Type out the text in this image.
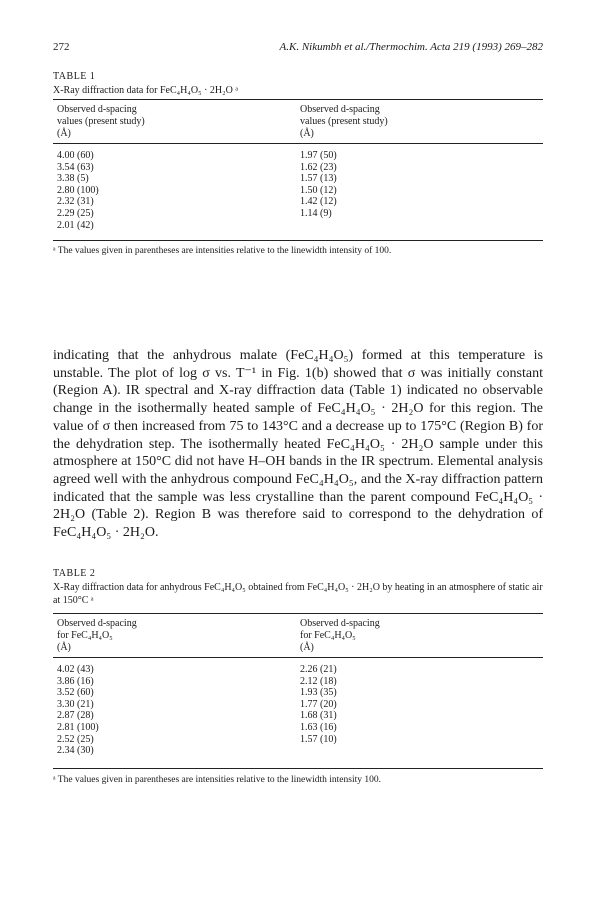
272	A.K. Nikumbh et al./Thermochim. Acta 219 (1993) 269–282
TABLE 1
X-Ray diffraction data for FeC₄H₄O₅ · 2H₂O ᵃ
Observed d-spacing
values (present study)
(Å)
Observed d-spacing
values (present study)
(Å)
4.00 (60)
3.54 (63)
3.38 (5)
2.80 (100)
2.32 (31)
2.29 (25)
2.01 (42)
1.97 (50)
1.62 (23)
1.57 (13)
1.50 (12)
1.42 (12)
1.14 (9)
ᵃ The values given in parentheses are intensities relative to the linewidth intensity of 100.

indicating that the anhydrous malate (FeC₄H₄O₅) formed at this temperature is unstable. The plot of log σ vs. T⁻¹ in Fig. 1(b) showed that σ was initially constant (Region A). IR spectral and X-ray diffraction data (Table 1) indicated no observable change in the isothermally heated sample of FeC₄H₄O₅ · 2H₂O for this region. The value of σ then increased from 75 to 143°C and a decrease up to 175°C (Region B) for the dehydration step. The isothermally heated FeC₄H₄O₅ · 2H₂O sample under this atmosphere at 150°C did not have H–OH bands in the IR spectrum. Elemental analysis agreed well with the anhydrous compound FeC₄H₄O₅, and the X-ray diffraction pattern indicated that the sample was less crystalline than the parent compound FeC₄H₄O₅ · 2H₂O (Table 2). Region B was therefore said to correspond to the dehydration of FeC₄H₄O₅ · 2H₂O.

TABLE 2
X-Ray diffraction data for anhydrous FeC₄H₄O₅ obtained from FeC₄H₄O₅ · 2H₂O by heating in an atmosphere of static air at 150°C ᵃ
Observed d-spacing
for FeC₄H₄O₅
(Å)
Observed d-spacing
for FeC₄H₄O₅
(Å)
4.02 (43)
3.86 (16)
3.52 (60)
3.30 (21)
2.87 (28)
2.81 (100)
2.52 (25)
2.34 (30)
2.26 (21)
2.12 (18)
1.93 (35)
1.77 (20)
1.68 (31)
1.63 (16)
1.57 (10)
ᵃ The values given in parentheses are intensities relative to the linewidth intensity 100.
